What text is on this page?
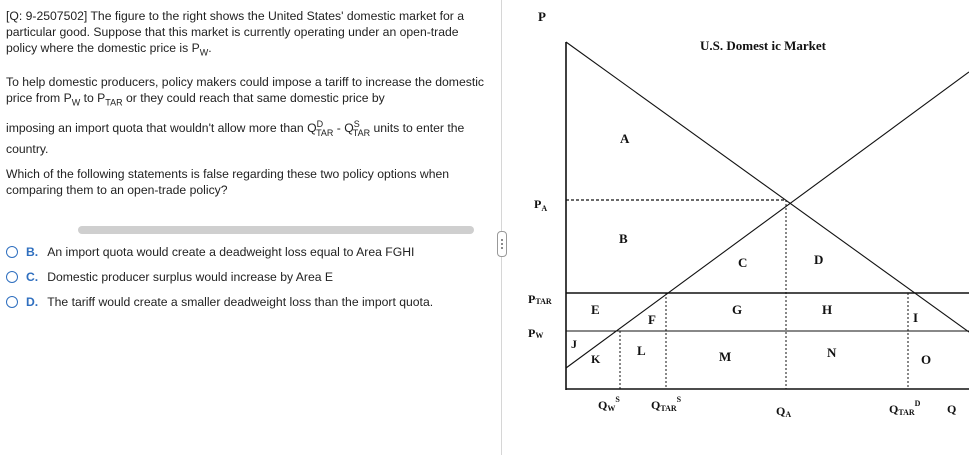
[Q: 9-2507502] The figure to the right shows the United States' domestic market for a particular good. Suppose that this market is currently operating under an open-trade policy where the domestic price is $P_W$.

To help domestic producers, policy makers could impose a tariff to increase the domestic price from $P_W$ to $P_{TAR}$ or they could reach that same domestic price by

imposing an import quota that wouldn't allow more than $Q^D_{TAR} - Q^S_{TAR}$ units to enter the country.

Which of the following statements is false regarding these two policy options when comparing them to an open-trade policy?

B. An import quota would create a deadweight loss equal to Area FGHI
C. Domestic producer surplus would increase by Area E
D. The tariff would create a smaller deadweight loss than the import quota.
U.S. Domest ic Market
P
$P_A$
PTAR
PW
$QW^S$	$QTAR^S$
QA	$QTAR^D$ Q
A
B
C	D
E
F
G	H
I
J
K
L	M	N	O
